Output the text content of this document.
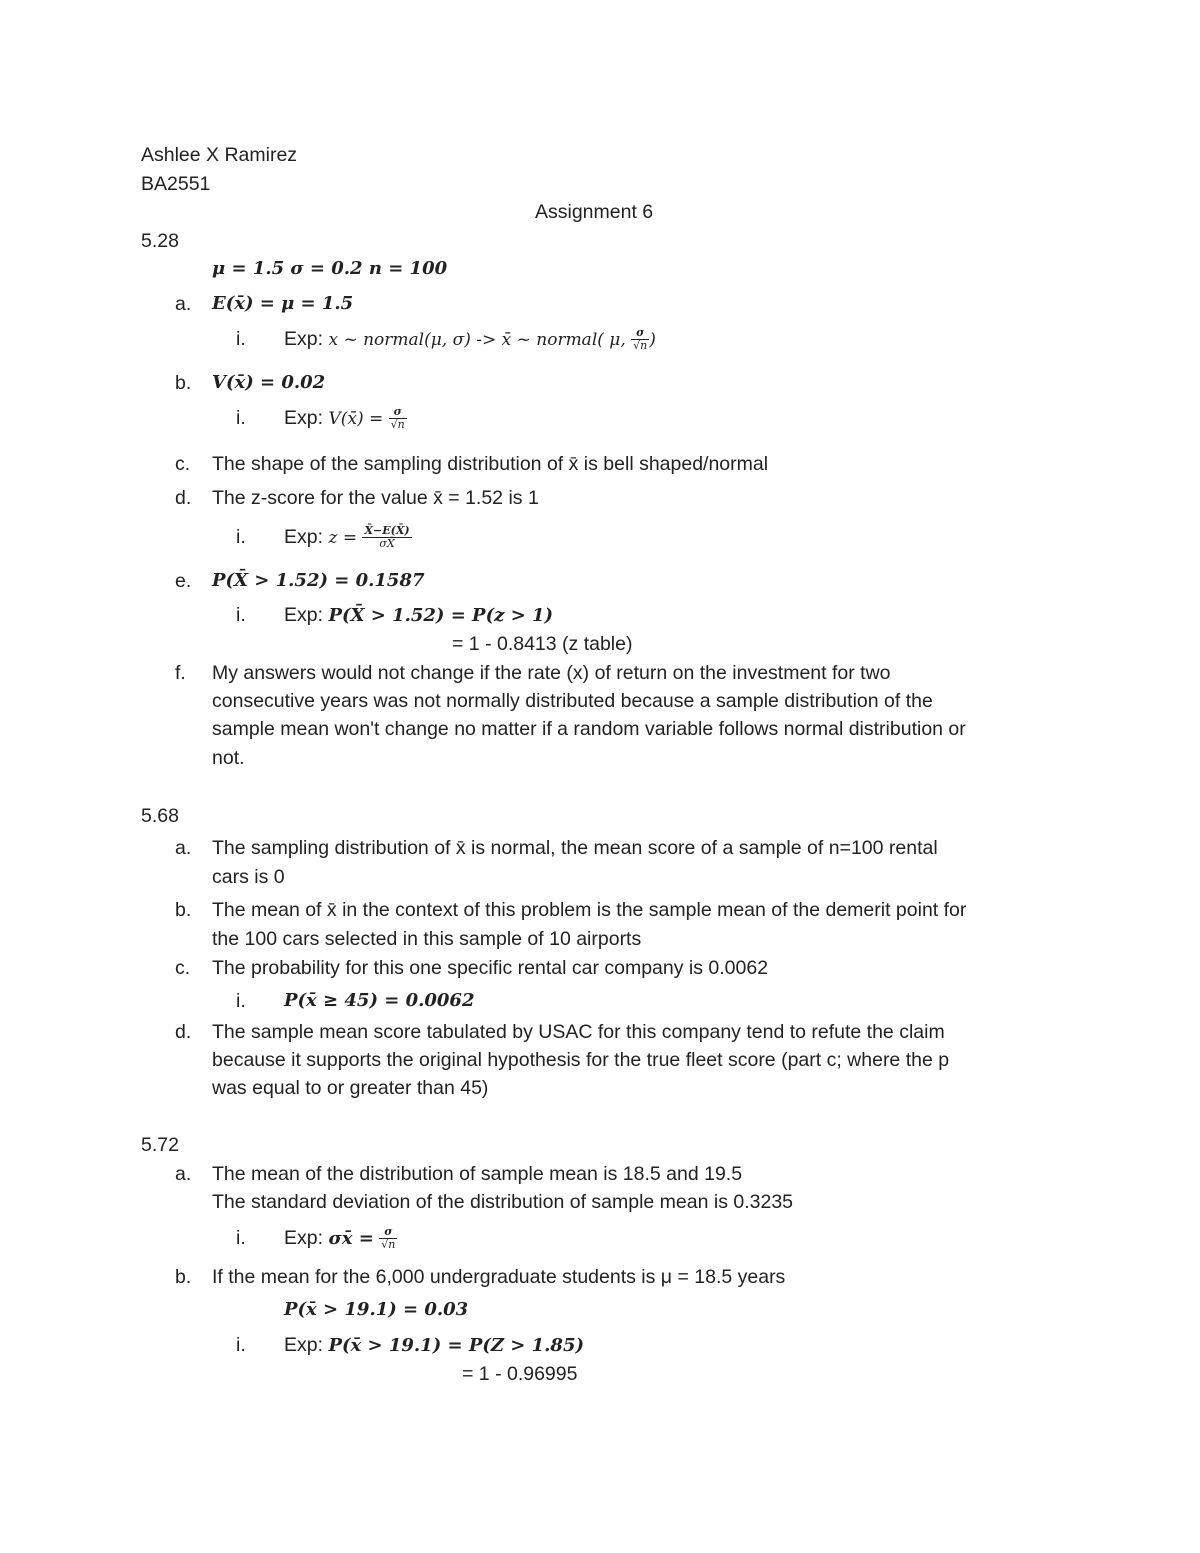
Ashlee X Ramirez
BA2551
Assignment 6
5.28
μ = 1.5 σ = 0.2 n = 100
a. E(x̄) = μ = 1.5
i. Exp: x ~ normal(μ, σ) -> x̄ ~ normal( μ, $\frac{\sigma}{√n}$ )
b. V(x̄) = 0.02
i. Exp: V(x̄) = $\frac{\sigma}{√n}$
c. The shape of the sampling distribution of x̄ is bell shaped/normal
d. The z-score for the value x̄ = 1.52 is 1
i. Exp: $z = \frac{X̄-E(X̄)}{\sigma X̄}$
e. P(X̄ > 1.52) = 0.1587
i. Exp: P(X̄ > 1.52) = P(z > 1)
= 1 - 0.8413 (z table)
f. My answers would not change if the rate (x) of return on the investment for two
consecutive years was not normally distributed because a sample distribution of the
sample mean won't change no matter if a random variable follows normal distribution or
not.
5.68
a. The sampling distribution of x̄ is normal, the mean score of a sample of n=100 rental
cars is 0
b. The mean of x̄ in the context of this problem is the sample mean of the demerit point for
the 100 cars selected in this sample of 10 airports
c. The probability for this one specific rental car company is 0.0062
i. P(x̄ ≥ 45) = 0.0062
d. The sample mean score tabulated by USAC for this company tend to refute the claim
because it supports the original hypothesis for the true fleet score (part c; where the p
was equal to or greater than 45)
5.72
a. The mean of the distribution of sample mean is 18.5 and 19.5
The standard deviation of the distribution of sample mean is 0.3235
i. Exp: σx̄ = $\frac{\sigma}{√n}$
b. If the mean for the 6,000 undergraduate students is μ = 18.5 years
P(x̄ > 19.1) = 0.03
i. Exp: P(x̄ > 19.1) = P(Z > 1.85)
= 1 - 0.96995
